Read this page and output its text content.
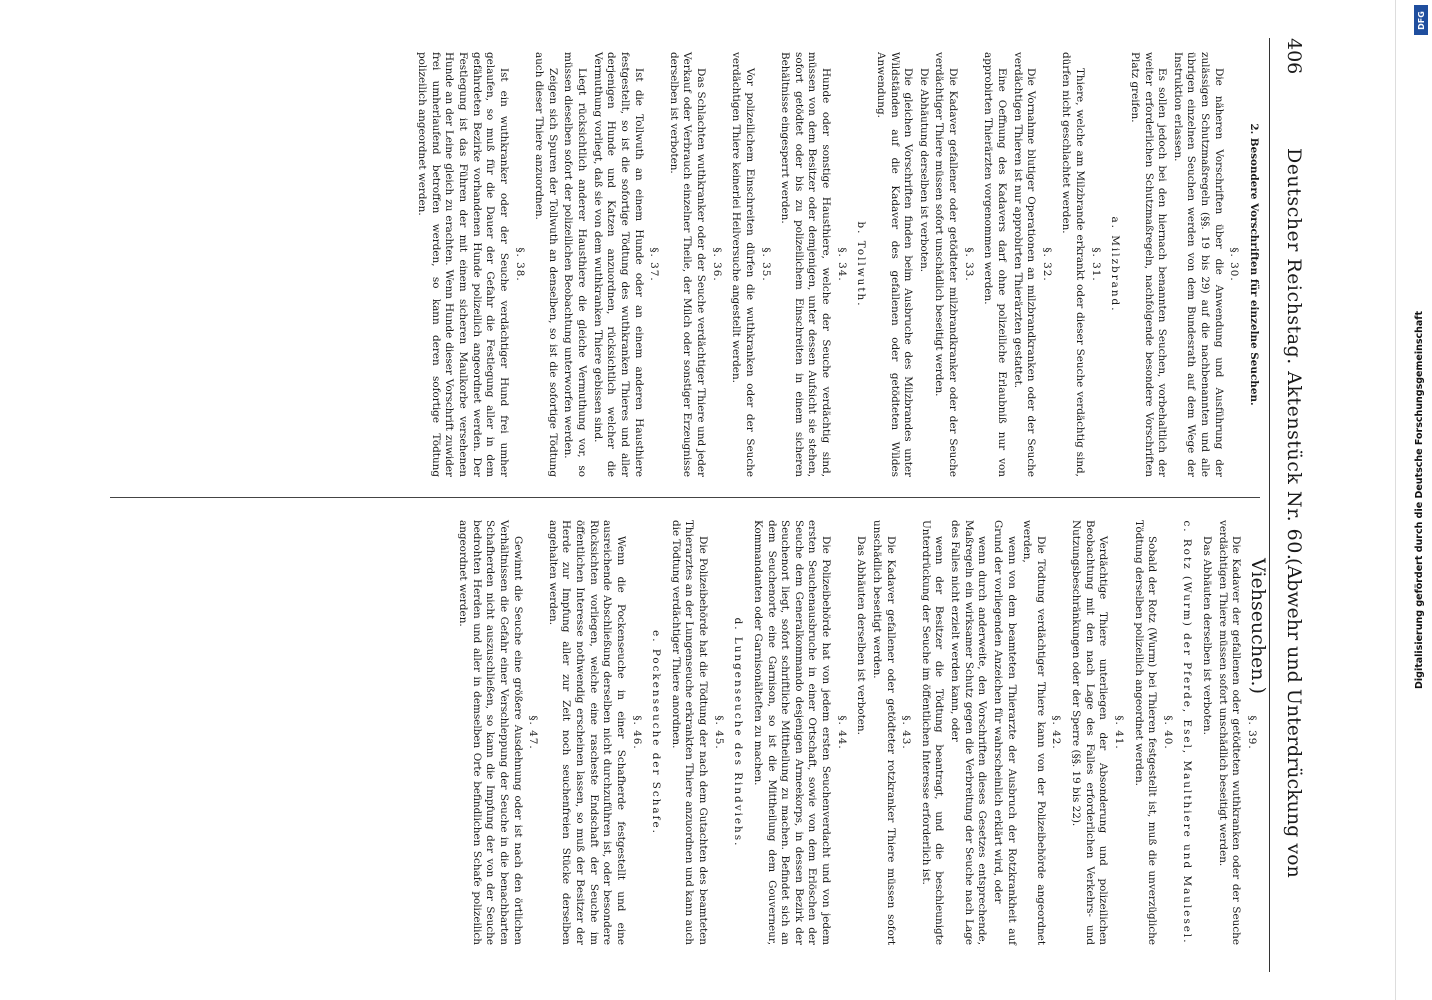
406
Deutscher Reichstag. Aktenstück Nr. 60.
(Abwehr und Unterdrückung von Viehseuchen.)
2. Besondere Vorschriften für einzelne Seuchen.
§. 30.

Die näheren Vorschriften über die Anwendung und Ausführung der zulässigen Schutzmaßregeln (§§. 19 bis 29) auf die nachbenannten und alle übrigen einzelnen Seuchen werden von dem Bundesrath auf dem Wege der Instruktion erlassen.

Es sollen jedoch bei den hiernach benannten Seuchen, vorbehaltlich der weiter erforderlichen Schutzmaßregeln, nachfolgende besondere Vorschriften Platz greifen.

a. Milzbrand.
§. 31.

Thiere, welche am Milzbrande erkrankt oder dieser Seuche verdächtig sind, dürfen nicht geschlachtet werden.

§. 32.

Die Vornahme blutiger Operationen an milzbrandkranken oder der Seuche verdächtigen Thieren ist nur approbirten Thierärzten gestattet.

Eine Oeffnung des Kadavers darf ohne polizeiliche Erlaubniß nur von approbirten Thierärzten vorgenommen werden.

§. 33.

Die Kadaver gefallener oder getödteter milzbrandkranker oder der Seuche verdächtiger Thiere müssen sofort unschädlich beseitigt werden.

Die Abhäutung derselben ist verboten.

Die gleichen Vorschriften finden beim Ausbruche des Milzbrandes unter Wildständen auf die Kadaver des gefallenen oder getödteten Wildes Anwendung.

b. Tollwuth.
§. 34.

Hunde oder sonstige Hausthiere, welche der Seuche verdächtig sind, müssen von dem Besitzer oder demjenigen, unter dessen Aufsicht sie stehen, sofort getödtet oder bis zu polizeilichem Einschreiten in einem sicheren Behältnisse eingesperrt werden.

§. 35.

Vor polizeilichem Einschreiten dürfen die wuthkranken oder der Seuche verdächtigen Thiere keinerlei Heilversuche angestellt werden.

§. 36.

Das Schlachten wuthkranker oder der Seuche verdächtiger Thiere und jeder Verkauf oder Verbrauch einzelner Theile, der Milch oder sonstiger Erzeugnisse derselben ist verboten.

§. 37.

Ist die Tollwuth an einem Hunde oder an einem anderen Hausthiere festgestellt, so ist die sofortige Tödtung des wuthkranken Thieres und aller derjenigen Hunde und Katzen anzuordnen, rücksichtlich welcher die Vermuthung vorliegt, daß sie von dem wuthkranken Thiere gebissen sind.

Liegt rücksichtlich anderer Hausthiere die gleiche Vermuthung vor, so müssen dieselben sofort der polizeilichen Beobachtung unterworfen werden.

Zeigen sich Spuren der Tollwuth an denselben, so ist die sofortige Tödtung auch dieser Thiere anzuordnen.

§. 38.

Ist ein wuthkranker oder der Seuche verdächtiger Hund frei umher gelaufen, so muß für die Dauer der Gefahr die Festlegung aller in dem gefährdeten Bezirke vorhandenen Hunde polizeilich angeordnet werden. Der Festlegung ist das Führen der mit einem sicheren Maulkorbe versehenen Hunde an der Leine gleich zu erachten. Wenn Hunde dieser Vorschrift zuwider frei umherlaufend betroffen werden, so kann deren sofortige Tödtung polizeilich angeordnet werden.

§. 39.

Die Kadaver der gefallenen oder getödteten wuthkranken oder der Seuche verdächtigen Thiere müssen sofort unschädlich beseitigt werden.

Das Abhäuten derselben ist verboten.

c. Rotz (Wurm) der Pferde, Esel, Maulthiere und Maulesel.
§. 40.

Sobald der Rotz (Wurm) bei Thieren festgestellt ist, muß die unverzügliche Tödtung derselben polizeilich angeordnet werden.

§. 41.

Verdächtige Thiere unterliegen der Absonderung und polizeilichen Beobachtung mit den nach Lage des Falles erforderlichen Verkehrs- und Nutzungsbeschränkungen oder der Sperre (§§. 19 bis 22).

§. 42.

Die Tödtung verdächtiger Thiere kann von der Polizeibehörde angeordnet werden,

wenn von dem beamteten Thierarzte der Ausbruch der Rotzkrankheit auf Grund der vorliegenden Anzeichen für wahrscheinlich erklärt wird, oder

wenn durch anderweite, den Vorschriften dieses Gesetzes entsprechende, Maßregeln ein wirksamer Schutz gegen die Verbreitung der Seuche nach Lage des Falles nicht erzielt werden kann, oder

wenn der Besitzer die Tödtung beantragt, und die beschleunigte Unterdrückung der Seuche im öffentlichen Interesse erforderlich ist.

§. 43.

Die Kadaver gefallener oder getödteter rotzkranker Thiere müssen sofort unschädlich beseitigt werden.

Das Abhäuten derselben ist verboten.

§. 44.

Die Polizeibehörde hat von jedem ersten Seuchenverdacht und von jedem ersten Seuchenausbruche in einer Ortschaft, sowie von dem Erlöschen der Seuche dem Generalkommando desjenigen Armeekorps, in dessen Bezirk der Seuchenort liegt, sofort schriftliche Mittheilung zu machen. Befindet sich an dem Seuchenorte eine Garnison, so ist die Mittheilung dem Gouverneur, Kommandanten oder Garnisonälteſten zu machen.

d. Lungenseuche des Rindviehs.
§. 45.

Die Polizeibehörde hat die Tödtung der nach dem Gutachten des beamteten Thierarztes an der Lungenseuche erkrankten Thiere anzuordnen und kann auch die Tödtung verdächtiger Thiere anordnen.

e. Pockenseuche der Schafe.
§. 46.

Wenn die Pockenseuche in einer Schafherde festgestellt und eine ausreichende Abschließung derselben nicht durchzuführen ist, oder besondere Rücksichten vorliegen, welche eine rascheste Endschaft der Seuche im öffentlichen Interesse nothwendig erscheinen lassen, so muß der Besitzer der Herde zur Impfung aller zur Zeit noch seuchenfreien Stücke derselben angehalten werden.

§. 47.

Gewinnt die Seuche eine größere Ausdehnung oder ist nach den örtlichen Verhältnissen die Gefahr einer Verschleppung der Seuche in die benachbarten Schafherden nicht auszuschließen, so kann die Impfung der von der Seuche bedrohten Herden und aller in demselben Orte befindlichen Schafe polizeilich angeordnet werden.

DFG
Digitalisierung gefördert durch die Deutsche Forschungsgemeinschaft
